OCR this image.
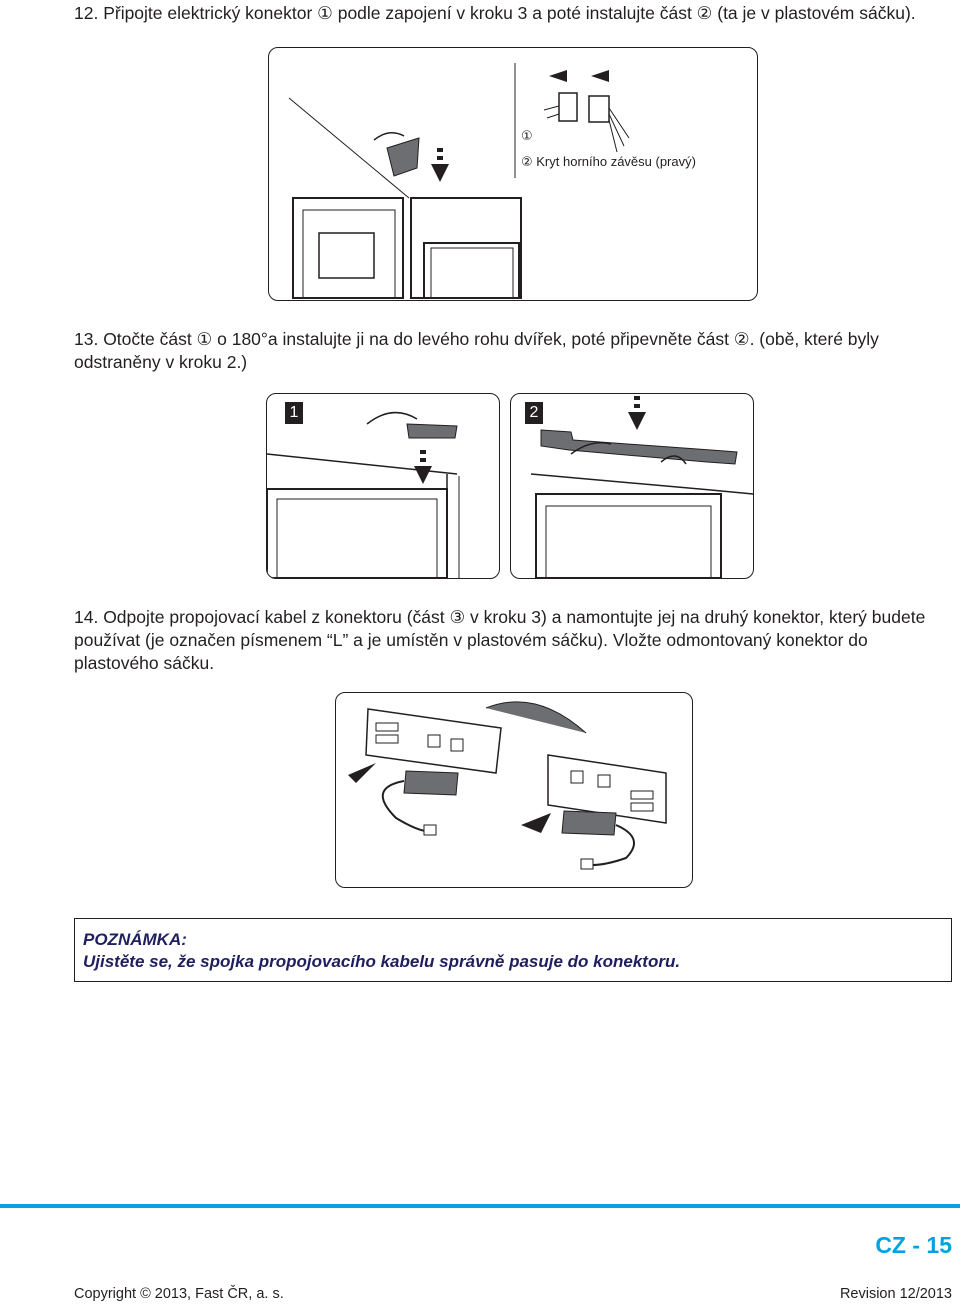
12. Připojte elektrický konektor ① podle zapojení v kroku 3 a poté instalujte část ② (ta je v plastovém sáčku).
①
② Kryt horního závěsu (pravý)
13. Otočte část ① o 180°a instalujte ji na do levého rohu dvířek, poté připevněte část ②. (obě, které byly odstraněny v kroku 2.)
1	2
14. Odpojte propojovací kabel z konektoru (část ③ v kroku 3) a namontujte jej na druhý konektor, který budete používat (je označen písmenem “L” a je umístěn v plastovém sáčku). Vložte odmontovaný konektor do plastového sáčku.
POZNÁMKA:
Ujistěte se, že spojka propojovacího kabelu správně pasuje do konektoru.
CZ - 15
Copyright © 2013, Fast ČR, a. s.	Revision 12/2013
